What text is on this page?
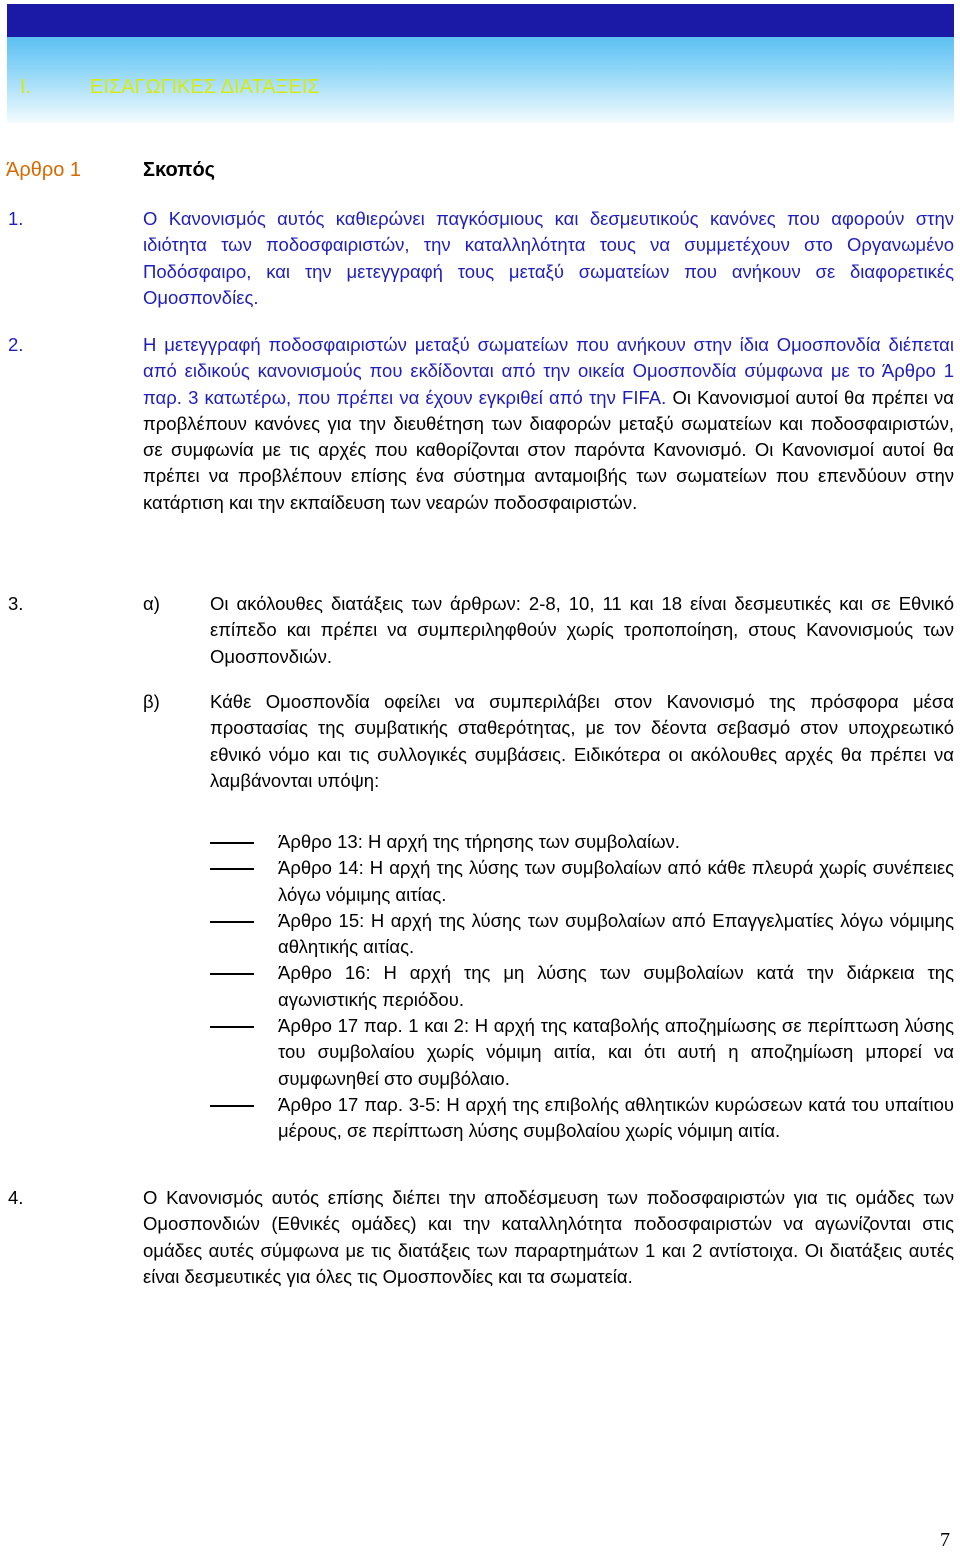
I.	ΕΙΣΑΓΩΓΙΚΕΣ ΔΙΑΤΑΞΕΙΣ
Άρθρο 1	Σκοπός
1.	Ο Κανονισμός αυτός καθιερώνει παγκόσμιους και δεσμευτικούς κανόνες που αφορούν στην ιδιότητα των ποδοσφαιριστών, την καταλληλότητα τους να συμμετέχουν στο Οργανωμένο Ποδόσφαιρο, και την μετεγγραφή τους μεταξύ σωματείων που ανήκουν σε διαφορετικές Ομοσπονδίες.
2.	Η μετεγγραφή ποδοσφαιριστών μεταξύ σωματείων που ανήκουν στην ίδια Ομοσπονδία διέπεται από ειδικούς κανονισμούς που εκδίδονται από την οικεία Ομοσπονδία σύμφωνα με το Άρθρο 1 παρ. 3 κατωτέρω, που πρέπει να έχουν εγκριθεί από την FIFA. Οι Κανονισμοί αυτοί θα πρέπει να προβλέπουν κανόνες για την διευθέτηση των διαφορών μεταξύ σωματείων και ποδοσφαιριστών, σε συμφωνία με τις αρχές που καθορίζονται στον παρόντα Κανονισμό. Οι Κανονισμοί αυτοί θα πρέπει να προβλέπουν επίσης ένα σύστημα ανταμοιβής των σωματείων που επενδύουν στην κατάρτιση και την εκπαίδευση των νεαρών ποδοσφαιριστών.
3.	α)	Οι ακόλουθες διατάξεις των άρθρων: 2-8, 10, 11 και 18 είναι δεσμευτικές και σε Εθνικό επίπεδο και πρέπει να συμπεριληφθούν χωρίς τροποποίηση, στους Κανονισμούς των Ομοσπονδιών.
β)	Κάθε Ομοσπονδία οφείλει να συμπεριλάβει στον Κανονισμό της πρόσφορα μέσα προστασίας της συμβατικής σταθερότητας, με τον δέοντα σεβασμό στον υποχρεωτικό εθνικό νόμο και τις συλλογικές συμβάσεις. Ειδικότερα οι ακόλουθες αρχές θα πρέπει να λαμβάνονται υπόψη:
Άρθρο 13: Η αρχή της τήρησης των συμβολαίων.
Άρθρο 14: Η αρχή της λύσης των συμβολαίων από κάθε πλευρά χωρίς συνέπειες λόγω νόμιμης αιτίας.
Άρθρο 15: Η αρχή της λύσης των συμβολαίων από Επαγγελματίες λόγω νόμιμης αθλητικής αιτίας.
Άρθρο 16: Η αρχή της μη λύσης των συμβολαίων κατά την διάρκεια της αγωνιστικής περιόδου.
Άρθρο 17 παρ. 1 και 2: Η αρχή της καταβολής αποζημίωσης σε περίπτωση λύσης του συμβολαίου χωρίς νόμιμη αιτία, και ότι αυτή η αποζημίωση μπορεί να συμφωνηθεί στο συμβόλαιο.
Άρθρο 17 παρ. 3-5: Η αρχή της επιβολής αθλητικών κυρώσεων κατά του υπαίτιου μέρους, σε περίπτωση λύσης συμβολαίου χωρίς νόμιμη αιτία.
4.	Ο Κανονισμός αυτός επίσης διέπει την αποδέσμευση των ποδοσφαιριστών για τις ομάδες των Ομοσπονδιών (Εθνικές ομάδες) και την καταλληλότητα ποδοσφαιριστών να αγωνίζονται στις ομάδες αυτές σύμφωνα με τις διατάξεις των παραρτημάτων 1 και 2 αντίστοιχα. Οι διατάξεις αυτές είναι δεσμευτικές για όλες τις Ομοσπονδίες και τα σωματεία.
7
